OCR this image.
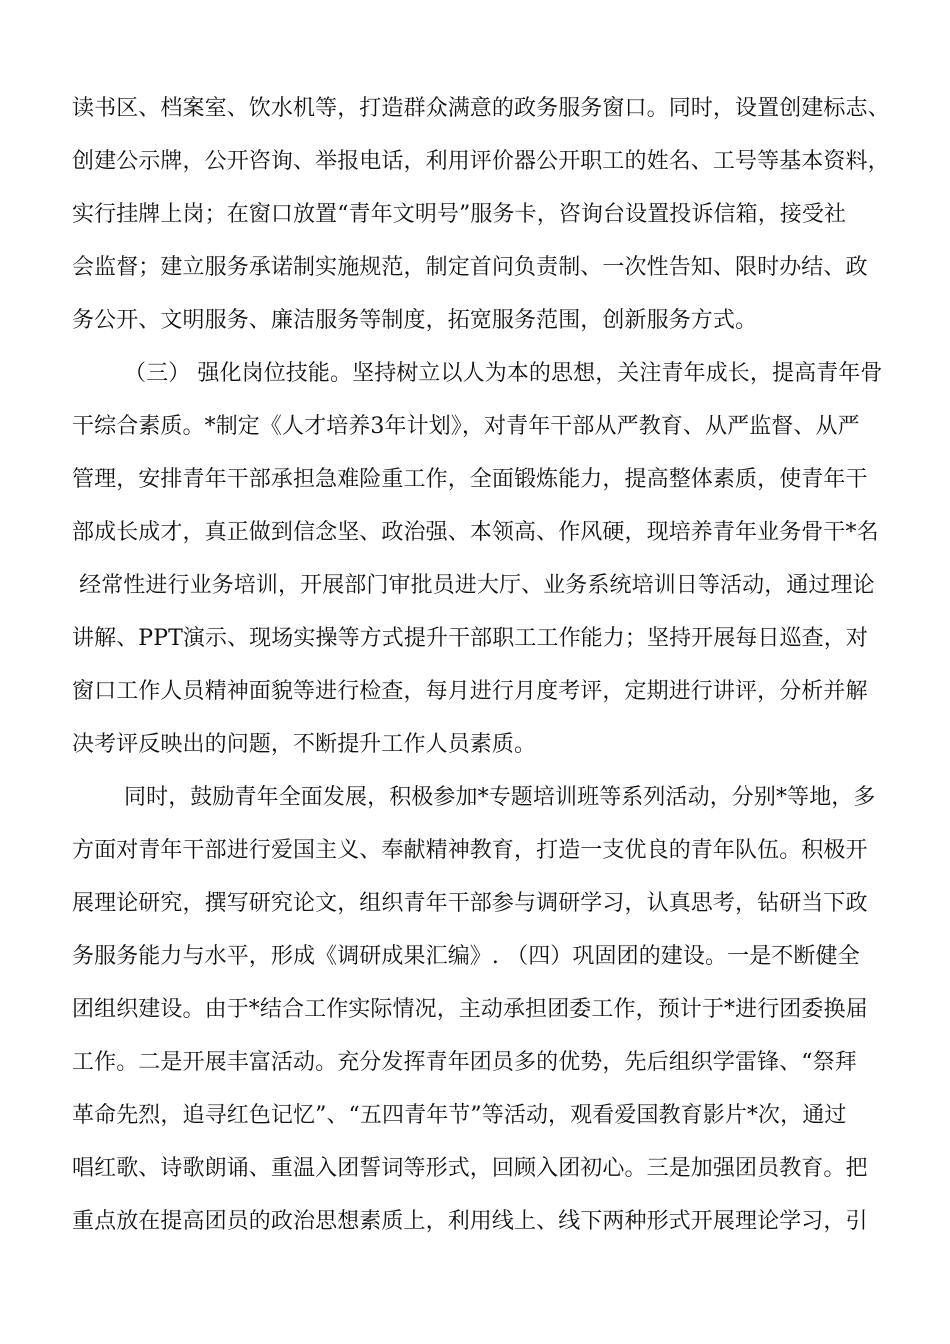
读书区、档案室、饮水机等，打造群众满意的政务服务窗口。同时，设置创建标志、
创建公示牌，公开咨询、举报电话，利用评价器公开职工的姓名、工号等基本资料，
实行挂牌上岗；在窗口放置“青年文明号”服务卡，咨询台设置投诉信箱，接受社
会监督；建立服务承诺制实施规范，制定首问负责制、一次性告知、限时办结、政
务公开、文明服务、廉洁服务等制度，拓宽服务范围，创新服务方式。
（三） 强化岗位技能。坚持树立以人为本的思想，关注青年成长，提高青年骨
干综合素质。*制定《人才培养3年计划》，对青年干部从严教育、从严监督、从严
管理，安排青年干部承担急难险重工作，全面锻炼能力，提高整体素质，使青年干
部成长成才，真正做到信念坚、政治强、本领高、作风硬，现培养青年业务骨干*名
经常性进行业务培训，开展部门审批员进大厅、业务系统培训日等活动，通过理论
讲解、PPT演示、现场实操等方式提升干部职工工作能力；坚持开展每日巡查，对
窗口工作人员精神面貌等进行检查，每月进行月度考评，定期进行讲评，分析并解
决考评反映出的问题，不断提升工作人员素质。
同时，鼓励青年全面发展，积极参加*专题培训班等系列活动，分别*等地，多
方面对青年干部进行爱国主义、奉献精神教育，打造一支优良的青年队伍。积极开
展理论研究，撰写研究论文，组织青年干部参与调研学习，认真思考，钻研当下政
务服务能力与水平，形成《调研成果汇编》. （四）巩固团的建设。一是不断健全
团组织建设。由于*结合工作实际情况，主动承担团委工作，预计于*进行团委换届
工作。二是开展丰富活动。充分发挥青年团员多的优势，先后组织学雷锋、“祭拜
革命先烈，追寻红色记忆”、“五四青年节”等活动，观看爱国教育影片*次，通过
唱红歌、诗歌朗诵、重温入团誓词等形式，回顾入团初心。三是加强团员教育。把
重点放在提高团员的政治思想素质上，利用线上、线下两种形式开展理论学习，引
